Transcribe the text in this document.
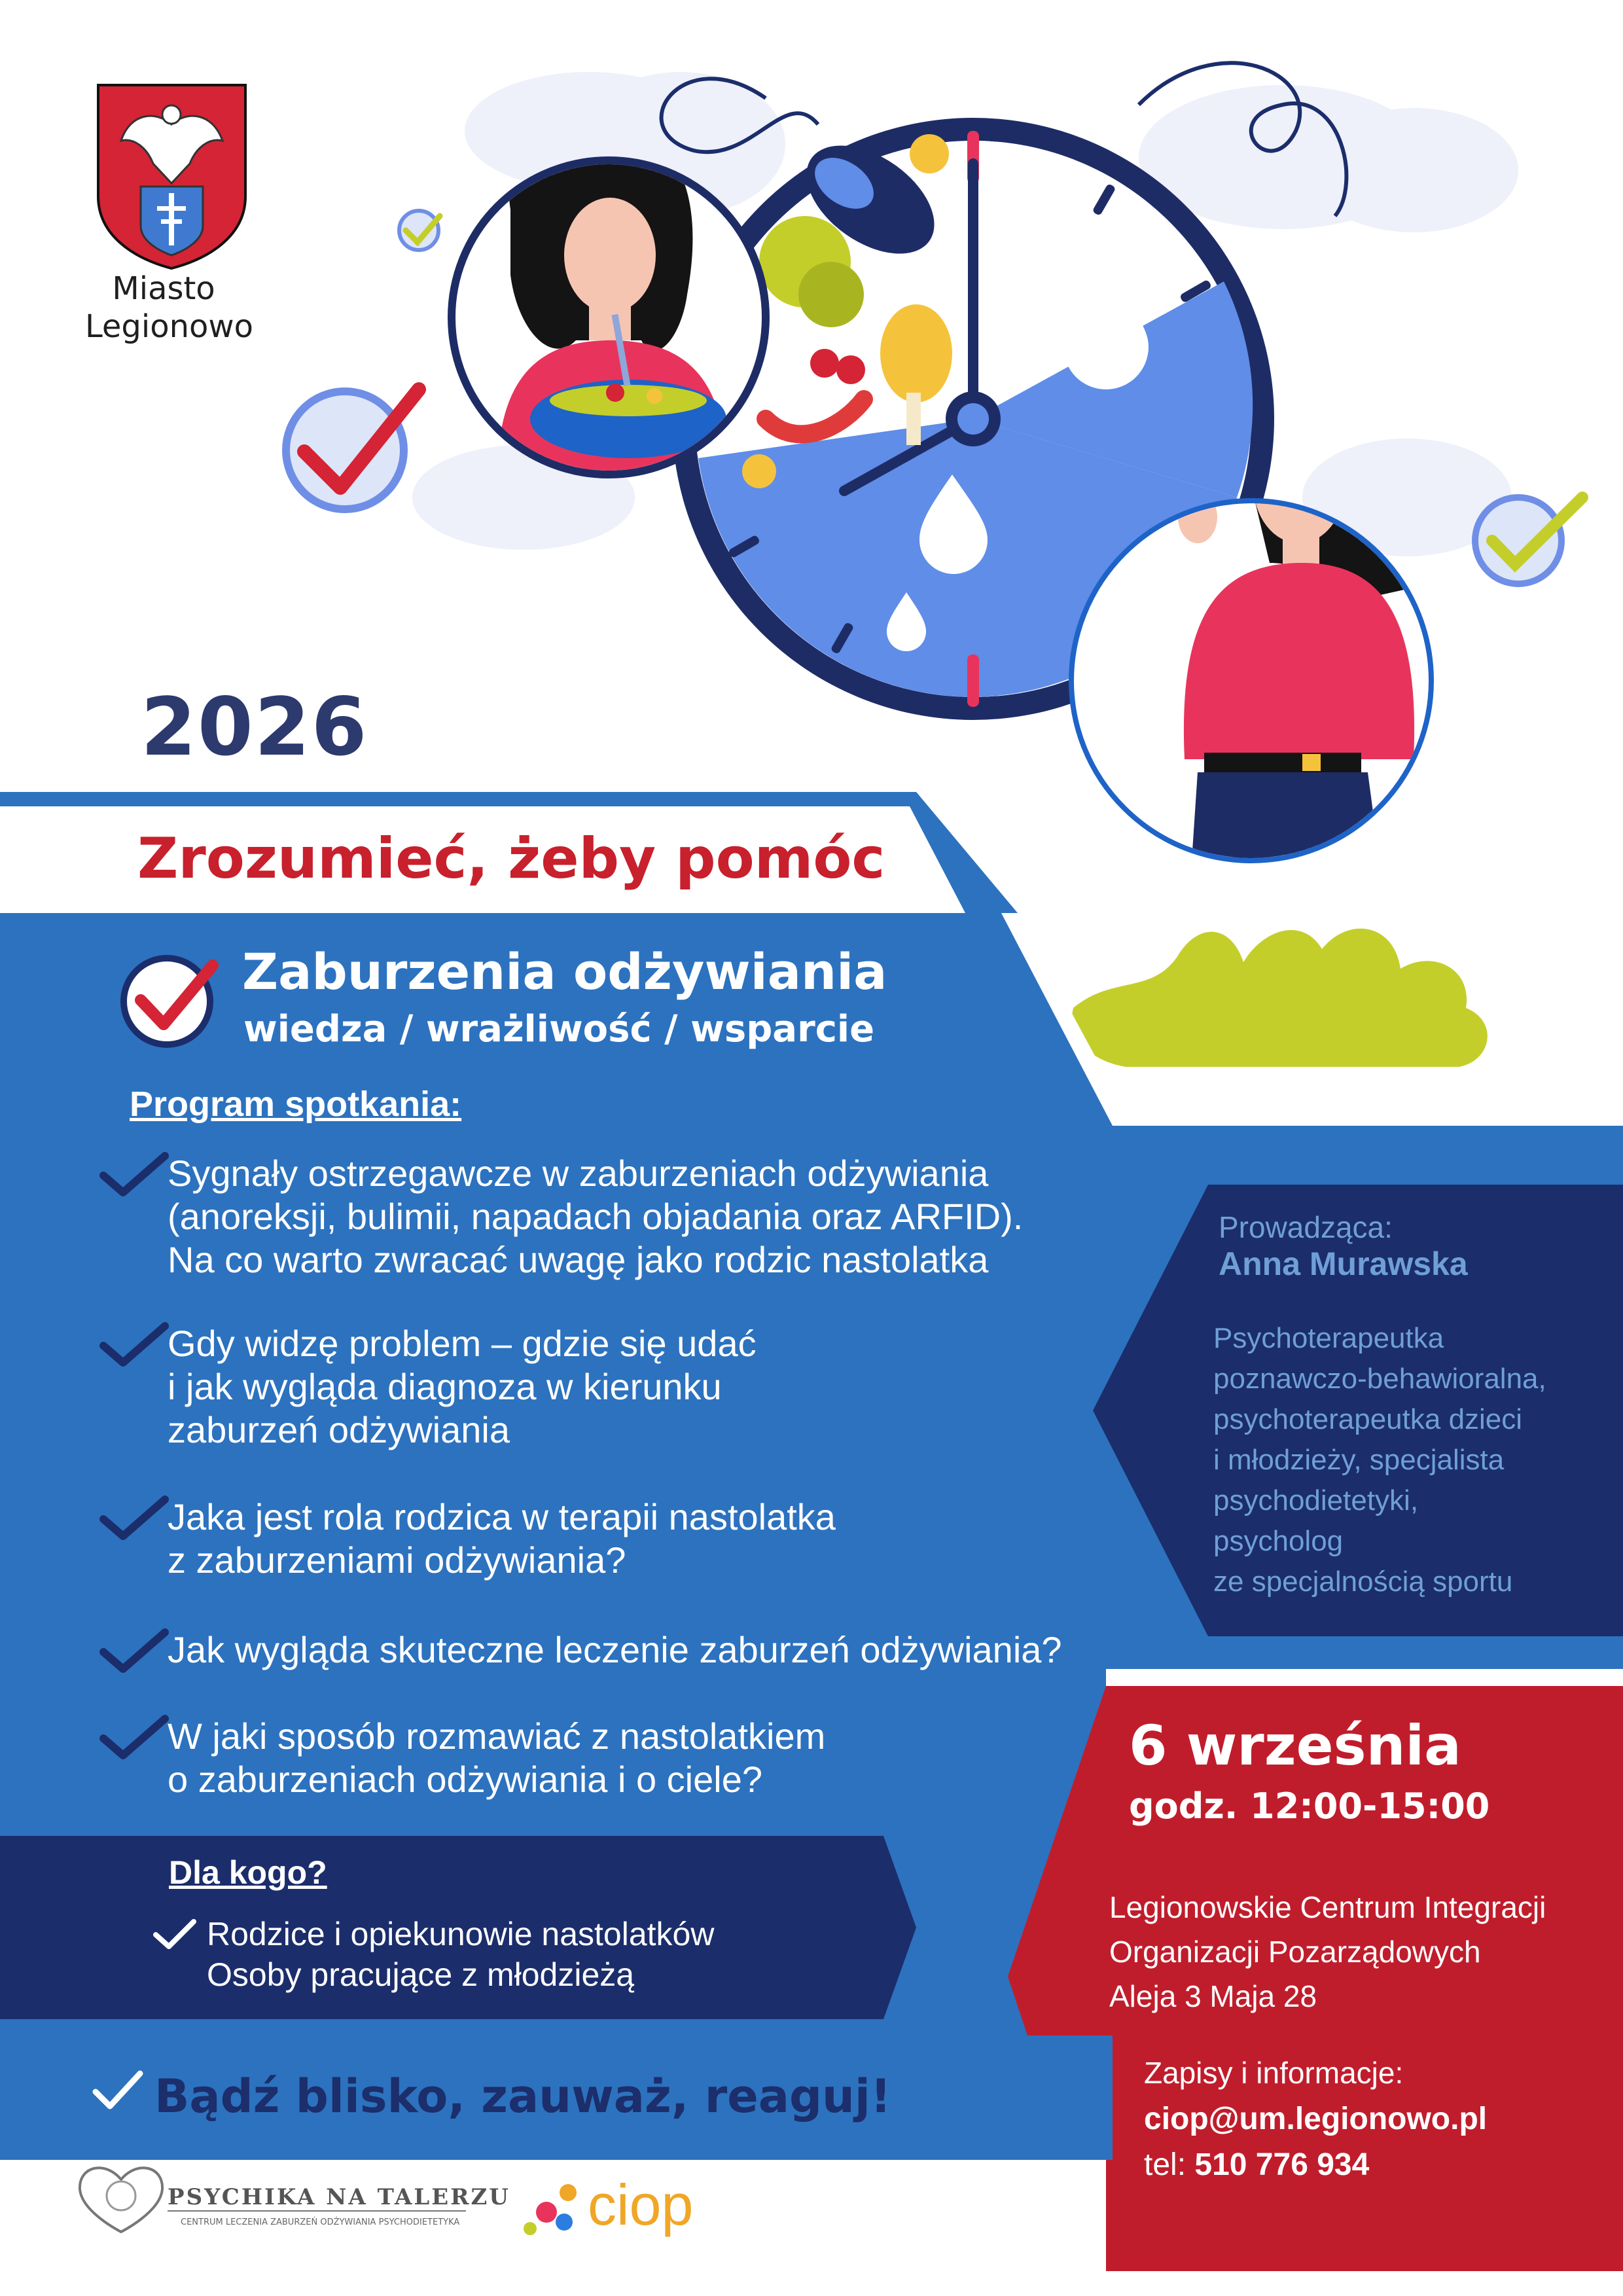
Miasto
Legionowo
2026
Zrozumieć, żeby pomóc
Zaburzenia odżywiania
wiedza / wrażliwość / wsparcie
Program spotkania:
Sygnały ostrzegawcze w zaburzeniach odżywiania
(anoreksji, bulimii, napadach objadania oraz ARFID).
Na co warto zwracać uwagę jako rodzic nastolatka
Gdy widzę problem – gdzie się udać
i jak wygląda diagnoza w kierunku
zaburzeń odżywiania
Jaka jest rola rodzica w terapii nastolatka
z zaburzeniami odżywiania?
Jak wygląda skuteczne leczenie zaburzeń odżywiania?
W jaki sposób rozmawiać z nastolatkiem
o zaburzeniach odżywiania i o ciele?
Dla kogo?
Rodzice i opiekunowie nastolatków
Osoby pracujące z młodzieżą
Bądź blisko, zauważ, reaguj!
Prowadząca:
Anna Murawska
Psychoterapeutka
poznawczo-behawioralna,
psychoterapeutka dzieci
i młodzieży, specjalista
psychodietetyki,
psycholog
ze specjalnością sportu
6 września
godz. 12:00-15:00
Legionowskie Centrum Integracji
Organizacji Pozarządowych
Aleja 3 Maja 28
Zapisy i informacje:
ciop@um.legionowo.pl
tel: 510 776 934
PSYCHIKA NA TALERZU
CENTRUM LECZENIA ZABURZEŃ ODŻYWIANIA PSYCHODIETETYKA ciop
